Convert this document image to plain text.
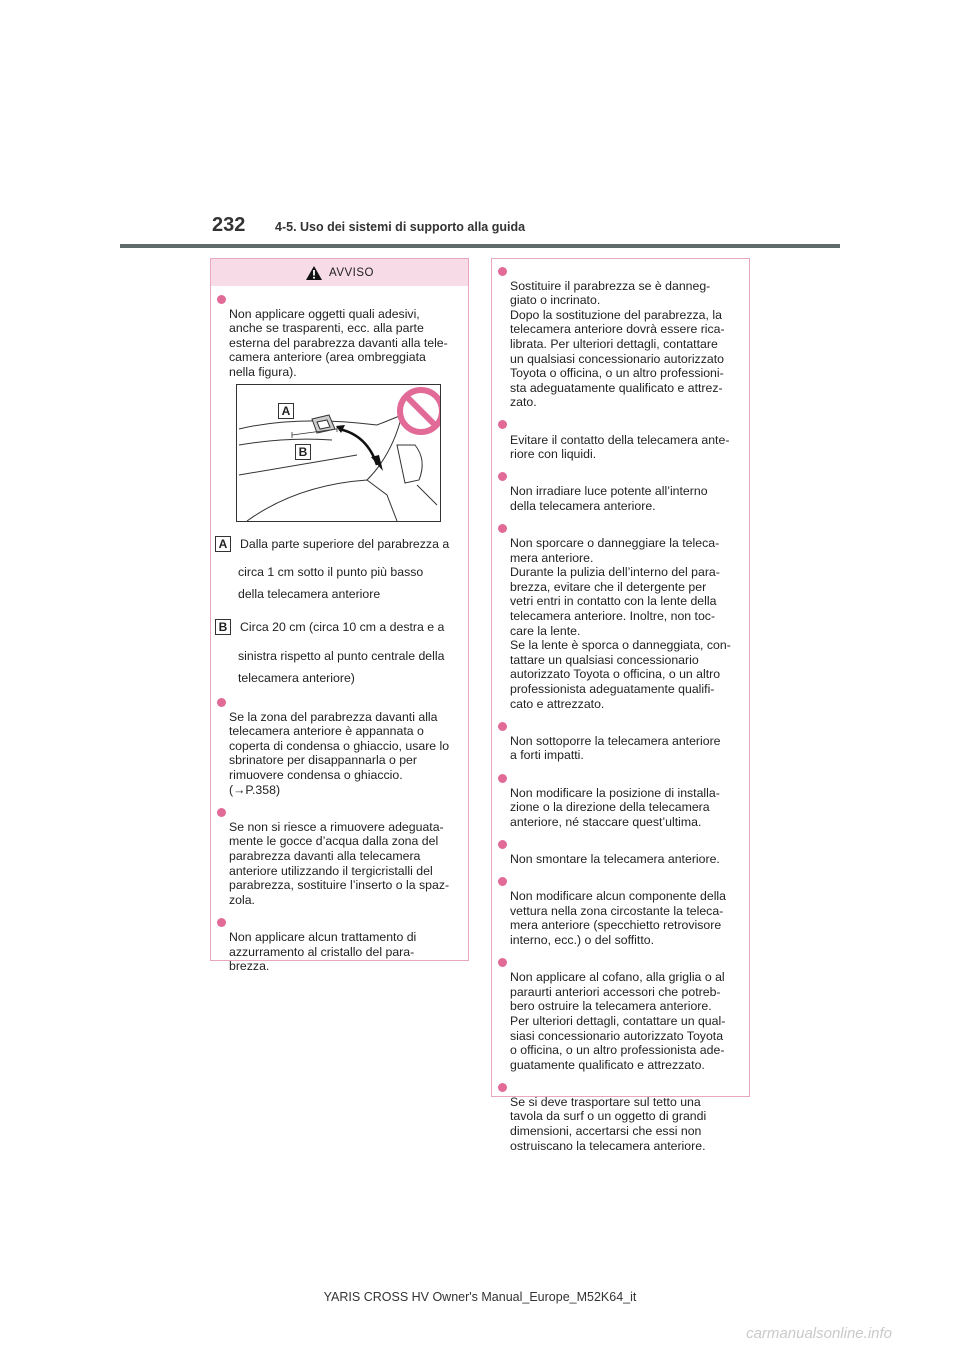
232 4-5. Uso dei sistemi di supporto alla guida
AVVISO

Non applicare oggetti quali adesivi,
anche se trasparenti, ecc. alla parte
esterna del parabrezza davanti alla tele-
camera anteriore (area ombreggiata
nella figura).

A
B
A Dalla parte superiore del parabrezza a
circa 1 cm sotto il punto più basso
della telecamera anteriore
B Circa 20 cm (circa 10 cm a destra e a
sinistra rispetto al punto centrale della
telecamera anteriore)

Se la zona del parabrezza davanti alla
telecamera anteriore è appannata o
coperta di condensa o ghiaccio, usare lo
sbrinatore per disappannarla o per
rimuovere condensa o ghiaccio.
(→P.358)

Se non si riesce a rimuovere adeguata-
mente le gocce d’acqua dalla zona del
parabrezza davanti alla telecamera
anteriore utilizzando il tergicristalli del
parabrezza, sostituire l’inserto o la spaz-
zola.

Non applicare alcun trattamento di
azzurramento al cristallo del para-
brezza.

Sostituire il parabrezza se è danneg-
giato o incrinato.
Dopo la sostituzione del parabrezza, la
telecamera anteriore dovrà essere rica-
librata. Per ulteriori dettagli, contattare
un qualsiasi concessionario autorizzato
Toyota o officina, o un altro professioni-
sta adeguatamente qualificato e attrez-
zato.

Evitare il contatto della telecamera ante-
riore con liquidi.

Non irradiare luce potente all’interno
della telecamera anteriore.

Non sporcare o danneggiare la teleca-
mera anteriore.
Durante la pulizia dell’interno del para-
brezza, evitare che il detergente per
vetri entri in contatto con la lente della
telecamera anteriore. Inoltre, non toc-
care la lente.
Se la lente è sporca o danneggiata, con-
tattare un qualsiasi concessionario
autorizzato Toyota o officina, o un altro
professionista adeguatamente qualifi-
cato e attrezzato.

Non sottoporre la telecamera anteriore
a forti impatti.

Non modificare la posizione di installa-
zione o la direzione della telecamera
anteriore, né staccare quest’ultima.

Non smontare la telecamera anteriore.

Non modificare alcun componente della
vettura nella zona circostante la teleca-
mera anteriore (specchietto retrovisore
interno, ecc.) o del soffitto.

Non applicare al cofano, alla griglia o al
paraurti anteriori accessori che potreb-
bero ostruire la telecamera anteriore.
Per ulteriori dettagli, contattare un qual-
siasi concessionario autorizzato Toyota
o officina, o un altro professionista ade-
guatamente qualificato e attrezzato.

Se si deve trasportare sul tetto una
tavola da surf o un oggetto di grandi
dimensioni, accertarsi che essi non
ostruiscano la telecamera anteriore.

YARIS CROSS HV Owner's Manual_Europe_M52K64_it
carmanualsonline.info
